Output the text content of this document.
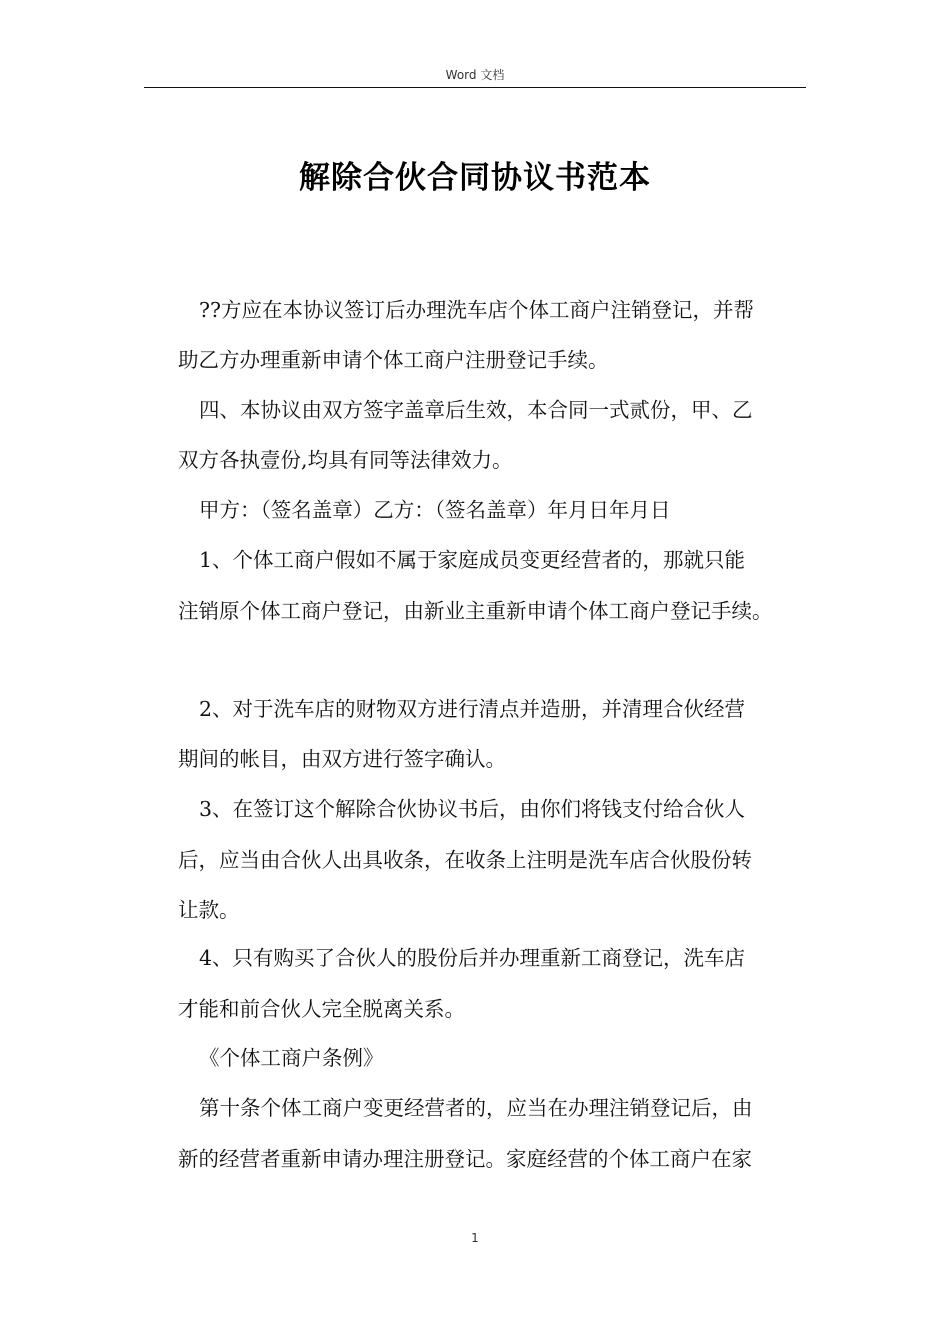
Word 文档
解除合伙合同协议书范本
??方应在本协议签订后办理洗车店个体工商户注销登记，并帮
助乙方办理重新申请个体工商户注册登记手续。
四、本协议由双方签字盖章后生效，本合同一式贰份，甲、乙
双方各执壹份,均具有同等法律效力。
甲方：（签名盖章）乙方：（签名盖章）年月日年月日
1、个体工商户假如不属于家庭成员变更经营者的，那就只能
注销原个体工商户登记，由新业主重新申请个体工商户登记手续。
2、对于洗车店的财物双方进行清点并造册，并清理合伙经营
期间的帐目，由双方进行签字确认。
3、在签订这个解除合伙协议书后，由你们将钱支付给合伙人
后，应当由合伙人出具收条，在收条上注明是洗车店合伙股份转
让款。
4、只有购买了合伙人的股份后并办理重新工商登记，洗车店
才能和前合伙人完全脱离关系。
《个体工商户条例》
第十条个体工商户变更经营者的，应当在办理注销登记后，由
新的经营者重新申请办理注册登记。家庭经营的个体工商户在家
1
